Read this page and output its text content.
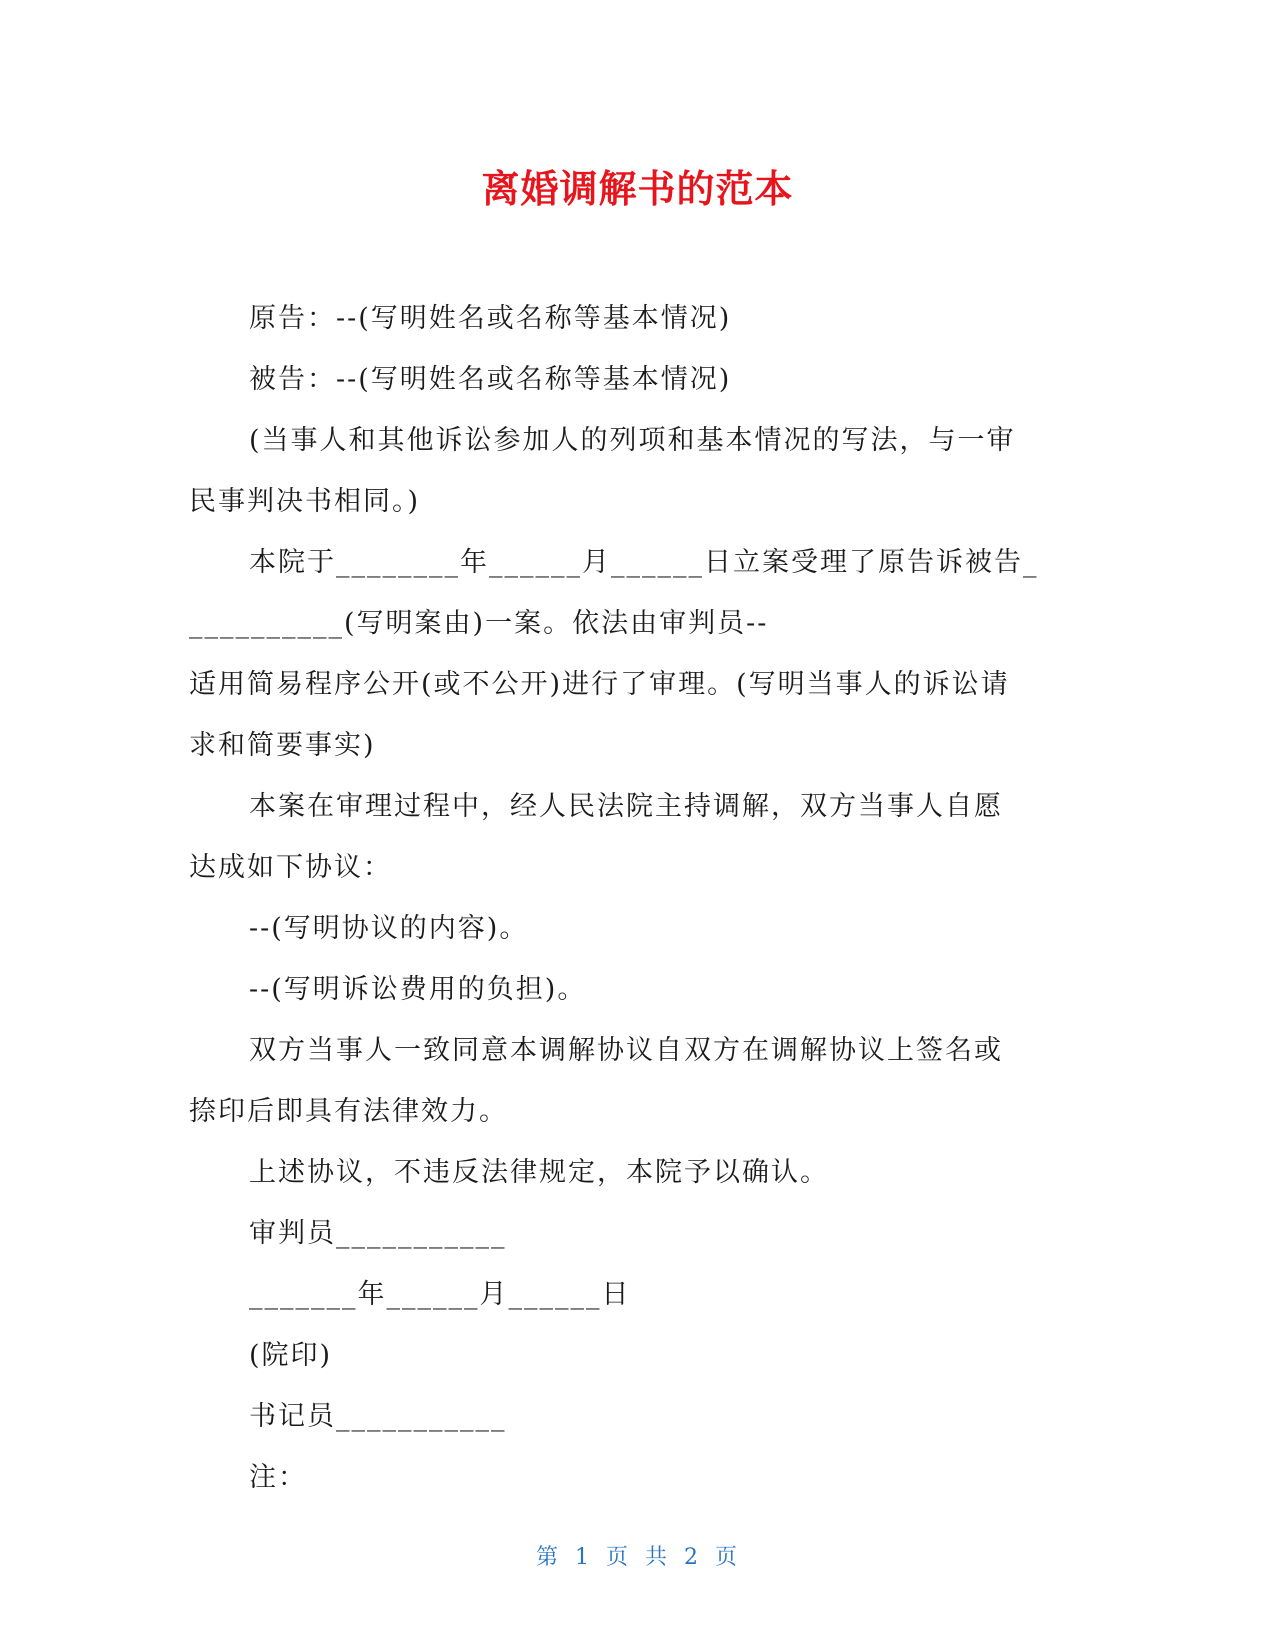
离婚调解书的范本
原告：--(写明姓名或名称等基本情况)
被告：--(写明姓名或名称等基本情况)
(当事人和其他诉讼参加人的列项和基本情况的写法，与一审
民事判决书相同。)
本院于________年______月______日立案受理了原告诉被告_
__________(写明案由)一案。依法由审判员--
适用简易程序公开(或不公开)进行了审理。(写明当事人的诉讼请
求和简要事实)
本案在审理过程中，经人民法院主持调解，双方当事人自愿
达成如下协议：
--(写明协议的内容)。
--(写明诉讼费用的负担)。
双方当事人一致同意本调解协议自双方在调解协议上签名或
捺印后即具有法律效力。
上述协议，不违反法律规定，本院予以确认。
审判员___________
_______年______月______日
(院印)
书记员___________
注：
第 1 页 共 2 页
